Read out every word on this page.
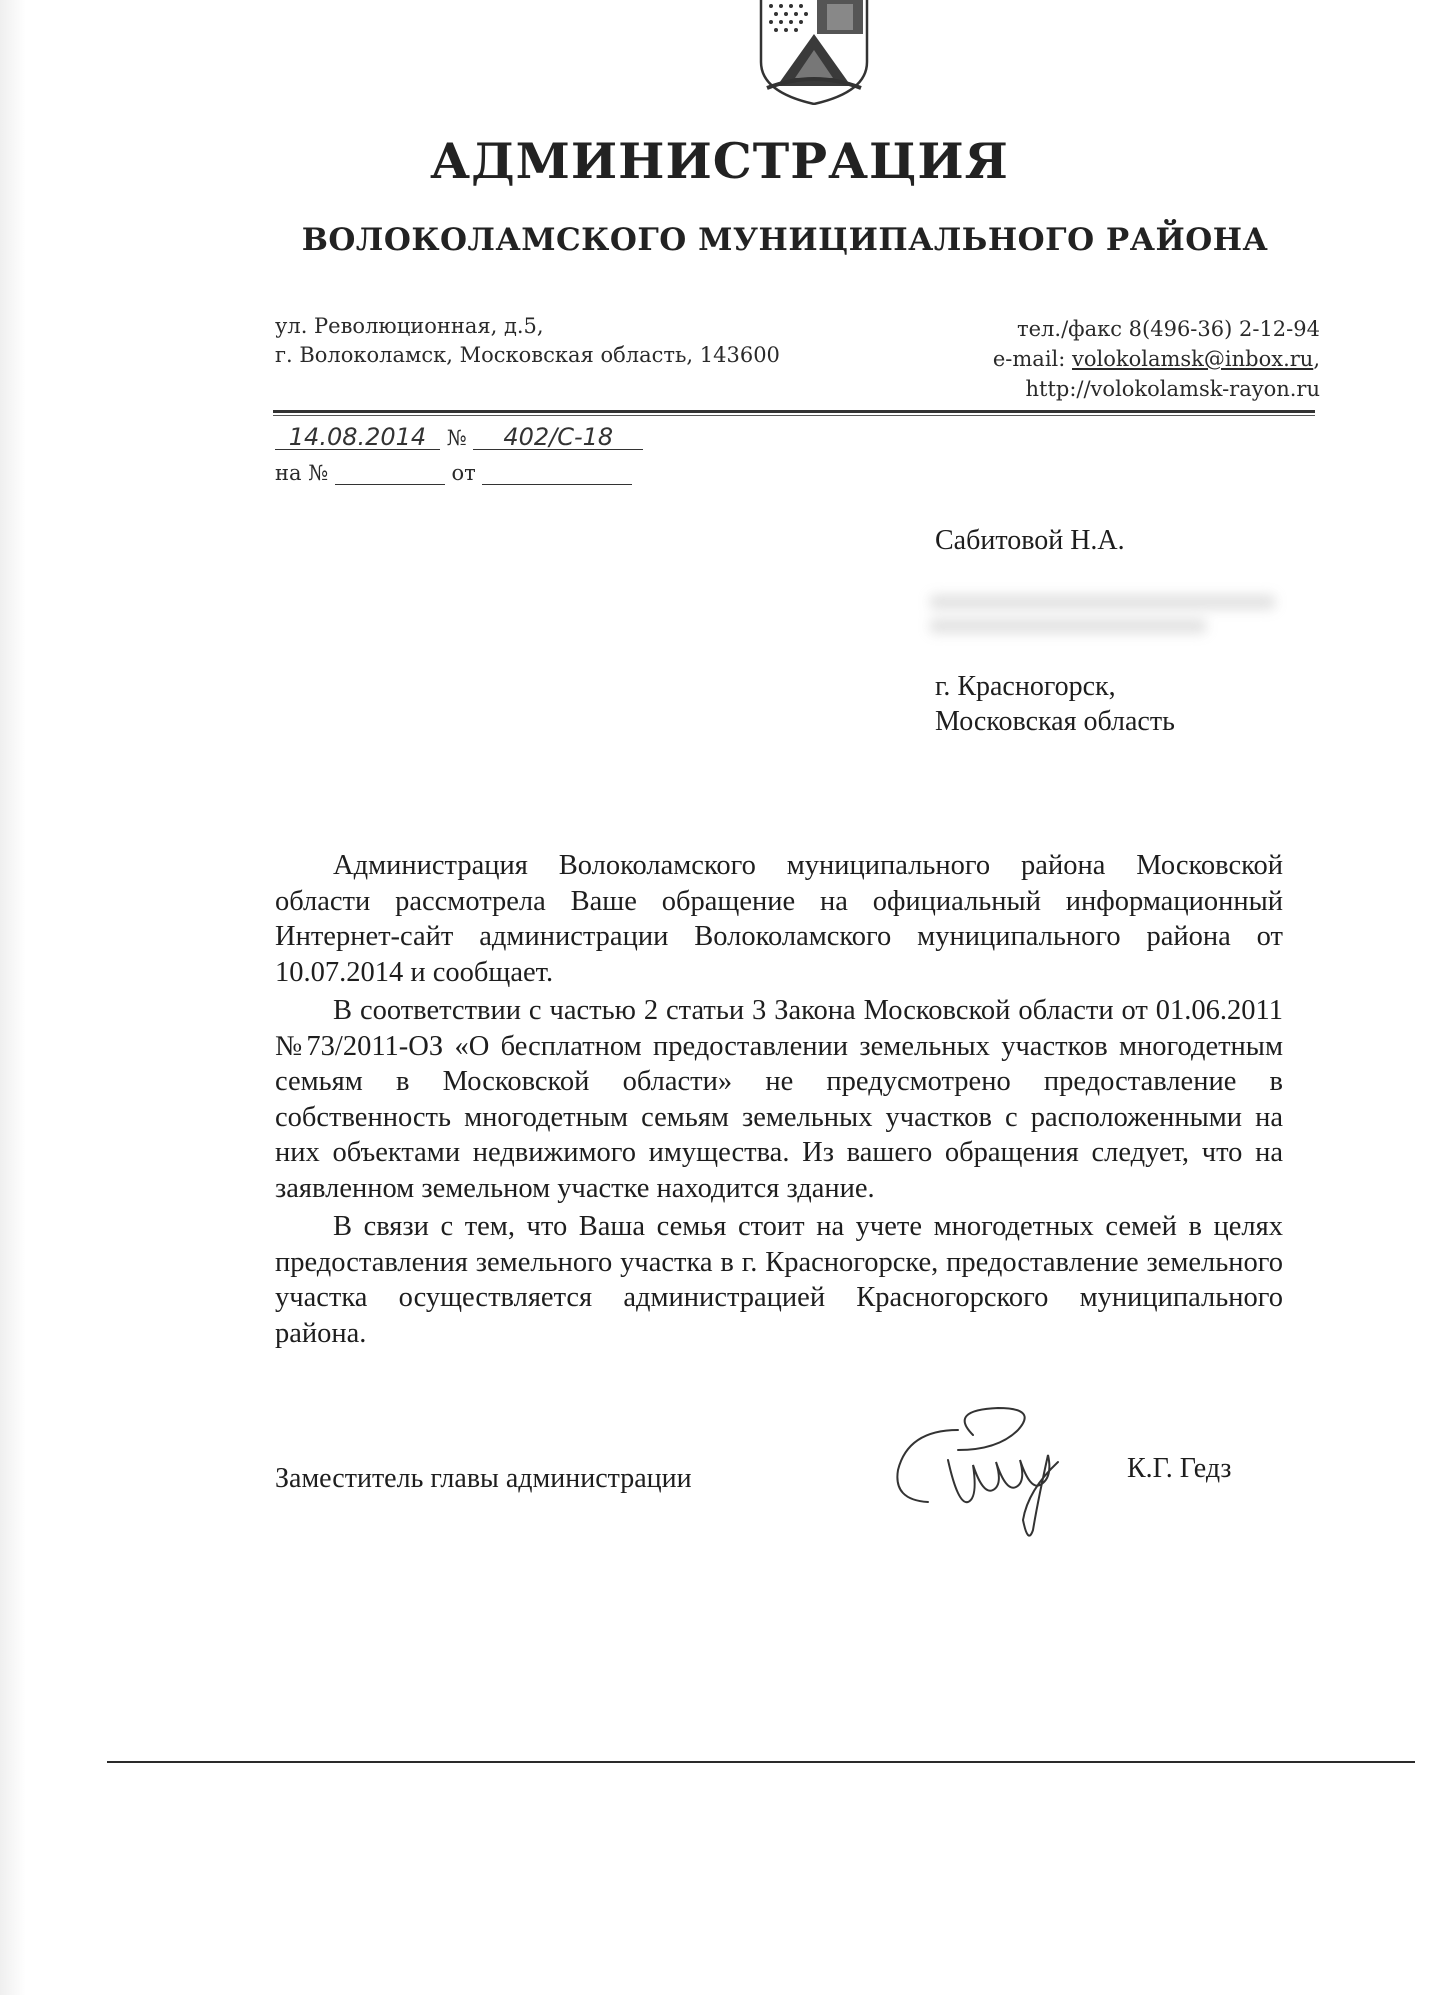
АДМИНИСТРАЦИЯ
ВОЛОКОЛАМСКОГО МУНИЦИПАЛЬНОГО РАЙОНА
ул. Революционная, д.5,
г. Волоколамск, Московская область, 143600
тел./факс 8(496-36) 2-12-94
e-mail: volokolamsk@inbox.ru,
http://volokolamsk-rayon.ru
14.08.2014 № 402/С-18
на №	от
Сабитовой Н.А.
г. Красногорск,
Московская область

Администрация Волоколамского муниципального района Московской области рассмотрела Ваше обращение на официальный информационный Интернет-сайт администрации Волоколамского муниципального района от 10.07.2014 и сообщает.

В соответствии с частью 2 статьи 3 Закона Московской области от 01.06.2011 №73/2011-ОЗ «О бесплатном предоставлении земельных участков многодетным семьям в Московской области» не предусмотрено предоставление в собственность многодетным семьям земельных участков с расположенными на них объектами недвижимого имущества. Из вашего обращения следует, что на заявленном земельном участке находится здание.

В связи с тем, что Ваша семья стоит на учете многодетных семей в целях предоставления земельного участка в г. Красногорске, предоставление земельного участка осуществляется администрацией Красногорского муниципального района.

Заместитель главы администрации	К.Г. Гедз
